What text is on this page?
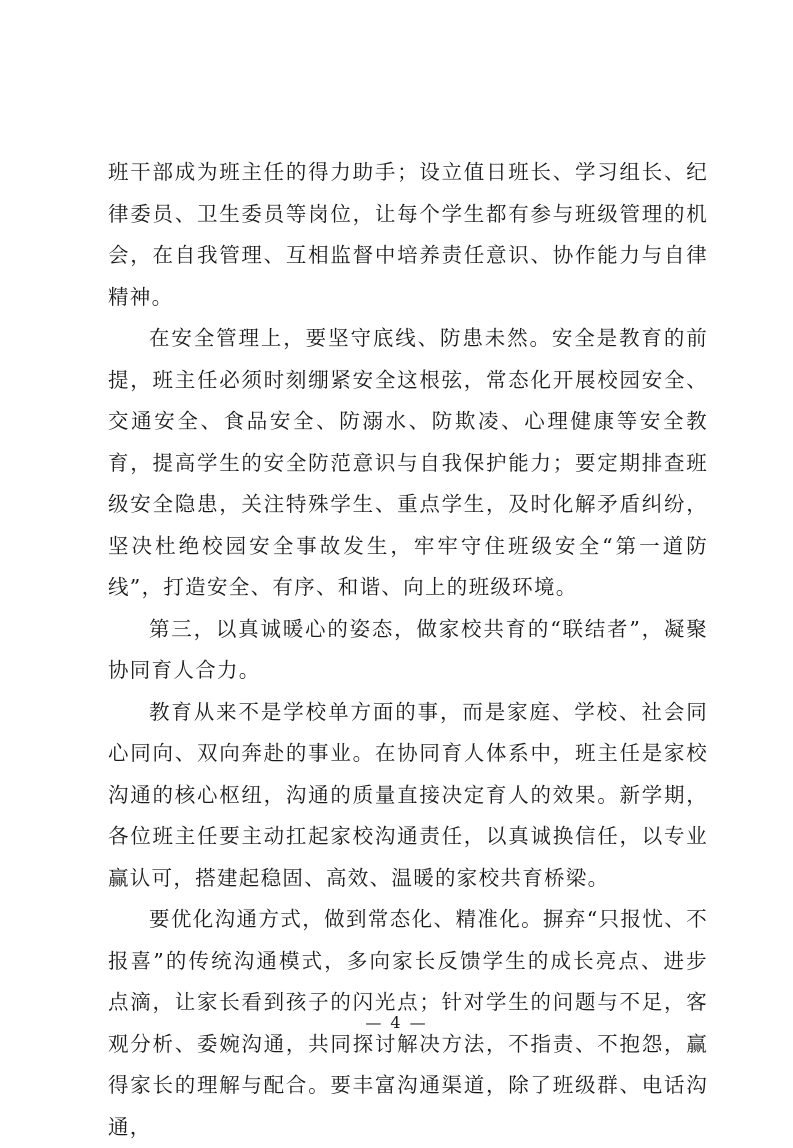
班干部成为班主任的得力助手；设立值日班长、学习组长、纪律委员、卫生委员等岗位，让每个学生都有参与班级管理的机会，在自我管理、互相监督中培养责任意识、协作能力与自律精神。

在安全管理上，要坚守底线、防患未然。安全是教育的前提，班主任必须时刻绷紧安全这根弦，常态化开展校园安全、交通安全、食品安全、防溺水、防欺凌、心理健康等安全教育，提高学生的安全防范意识与自我保护能力；要定期排查班级安全隐患，关注特殊学生、重点学生，及时化解矛盾纠纷，坚决杜绝校园安全事故发生，牢牢守住班级安全“第一道防线”，打造安全、有序、和谐、向上的班级环境。

第三，以真诚暖心的姿态，做家校共育的“联结者”，凝聚协同育人合力。

教育从来不是学校单方面的事，而是家庭、学校、社会同心同向、双向奔赴的事业。在协同育人体系中，班主任是家校沟通的核心枢纽，沟通的质量直接决定育人的效果。新学期，各位班主任要主动扛起家校沟通责任，以真诚换信任，以专业赢认可，搭建起稳固、高效、温暖的家校共育桥梁。

要优化沟通方式，做到常态化、精准化。摒弃“只报忧、不报喜”的传统沟通模式，多向家长反馈学生的成长亮点、进步点滴，让家长看到孩子的闪光点；针对学生的问题与不足，客观分析、委婉沟通，共同探讨解决方法，不指责、不抱怨，赢得家长的理解与配合。要丰富沟通渠道，除了班级群、电话沟通，

— 4 —
